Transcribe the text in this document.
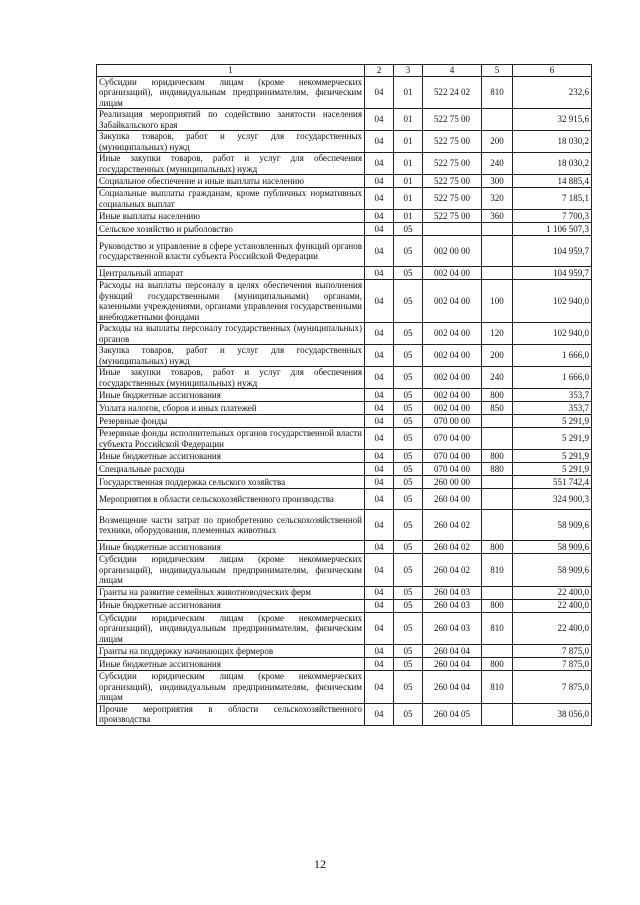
1	2	3	4	5	6
Субсидии юридическим лицам (кроме некоммерческих организаций), индивидуальным предпринимателям, физическим лицам	04	01	522 24 02	810	232,6
Реализация мероприятий по содействию занятости населения Забайкальского края	04	01	522 75 00		32 915,6
Закупка товаров, работ и услуг для государственных (муниципальных) нужд	04	01	522 75 00	200	18 030,2
Иные закупки товаров, работ и услуг для обеспечения государственных (муниципальных) нужд	04	01	522 75 00	240	18 030,2
Социальное обеспечение и иные выплаты населению	04	01	522 75 00	300	14 885,4
Социальные выплаты гражданам, кроме публичных нормативных социальных выплат	04	01	522 75 00	320	7 185,1
Иные выплаты населению	04	01	522 75 00	360	7 700,3
Сельское хозяйство и рыболовство	04	05			1 106 507,3
Руководство и управление в сфере установленных функций органов государственной власти субъекта Российской Федерации	04	05	002 00 00		104 959,7
Центральный аппарат	04	05	002 04 00		104 959,7
Расходы на выплаты персоналу в целях обеспечения выполнения функций государственными (муниципальными) органами, казенными учреждениями, органами управления государственными внебюджетными фондами	04	05	002 04 00	100	102 940,0
Расходы на выплаты персоналу государственных (муниципальных) органов	04	05	002 04 00	120	102 940,0
Закупка товаров, работ и услуг для государственных (муниципальных) нужд	04	05	002 04 00	200	1 666,0
Иные закупки товаров, работ и услуг для обеспечения государственных (муниципальных) нужд	04	05	002 04 00	240	1 666,0
Иные бюджетные ассигнования	04	05	002 04 00	800	353,7
Уплата налогов, сборов и иных платежей	04	05	002 04 00	850	353,7
Резервные фонды	04	05	070 00 00		5 291,9
Резервные фонды исполнительных органов государственной власти субъекта Российской Федерации	04	05	070 04 00		5 291,9
Иные бюджетные ассигнования	04	05	070 04 00	800	5 291,9
Специальные расходы	04	05	070 04 00	880	5 291,9
Государственная поддержка сельского хозяйства	04	05	260 00 00		551 742,4
Мероприятия в области сельскохозяйственного производства	04	05	260 04 00		324 900,3
Возмещение части затрат по приобретению сельскохозяйственной техники, оборудования, племенных животных	04	05	260 04 02		58 909,6
Иные бюджетные ассигнования	04	05	260 04 02	800	58 909,6
Субсидии юридическим лицам (кроме некоммерческих организаций), индивидуальным предпринимателям, физическим лицам	04	05	260 04 02	810	58 909,6
Гранты на развитие семейных животноводческих ферм	04	05	260 04 03		22 400,0
Иные бюджетные ассигнования	04	05	260 04 03	800	22 400,0
Субсидии юридическим лицам (кроме некоммерческих организаций), индивидуальным предпринимателям, физическим лицам	04	05	260 04 03	810	22 400,0
Гранты на поддержку начинающих фермеров	04	05	260 04 04		7 875,0
Иные бюджетные ассигнования	04	05	260 04 04	800	7 875,0
Субсидии юридическим лицам (кроме некоммерческих организаций), индивидуальным предпринимателям, физическим лицам	04	05	260 04 04	810	7 875,0
Прочие мероприятия в области сельскохозяйственного производства	04	05	260 04 05		38 056,0
12
